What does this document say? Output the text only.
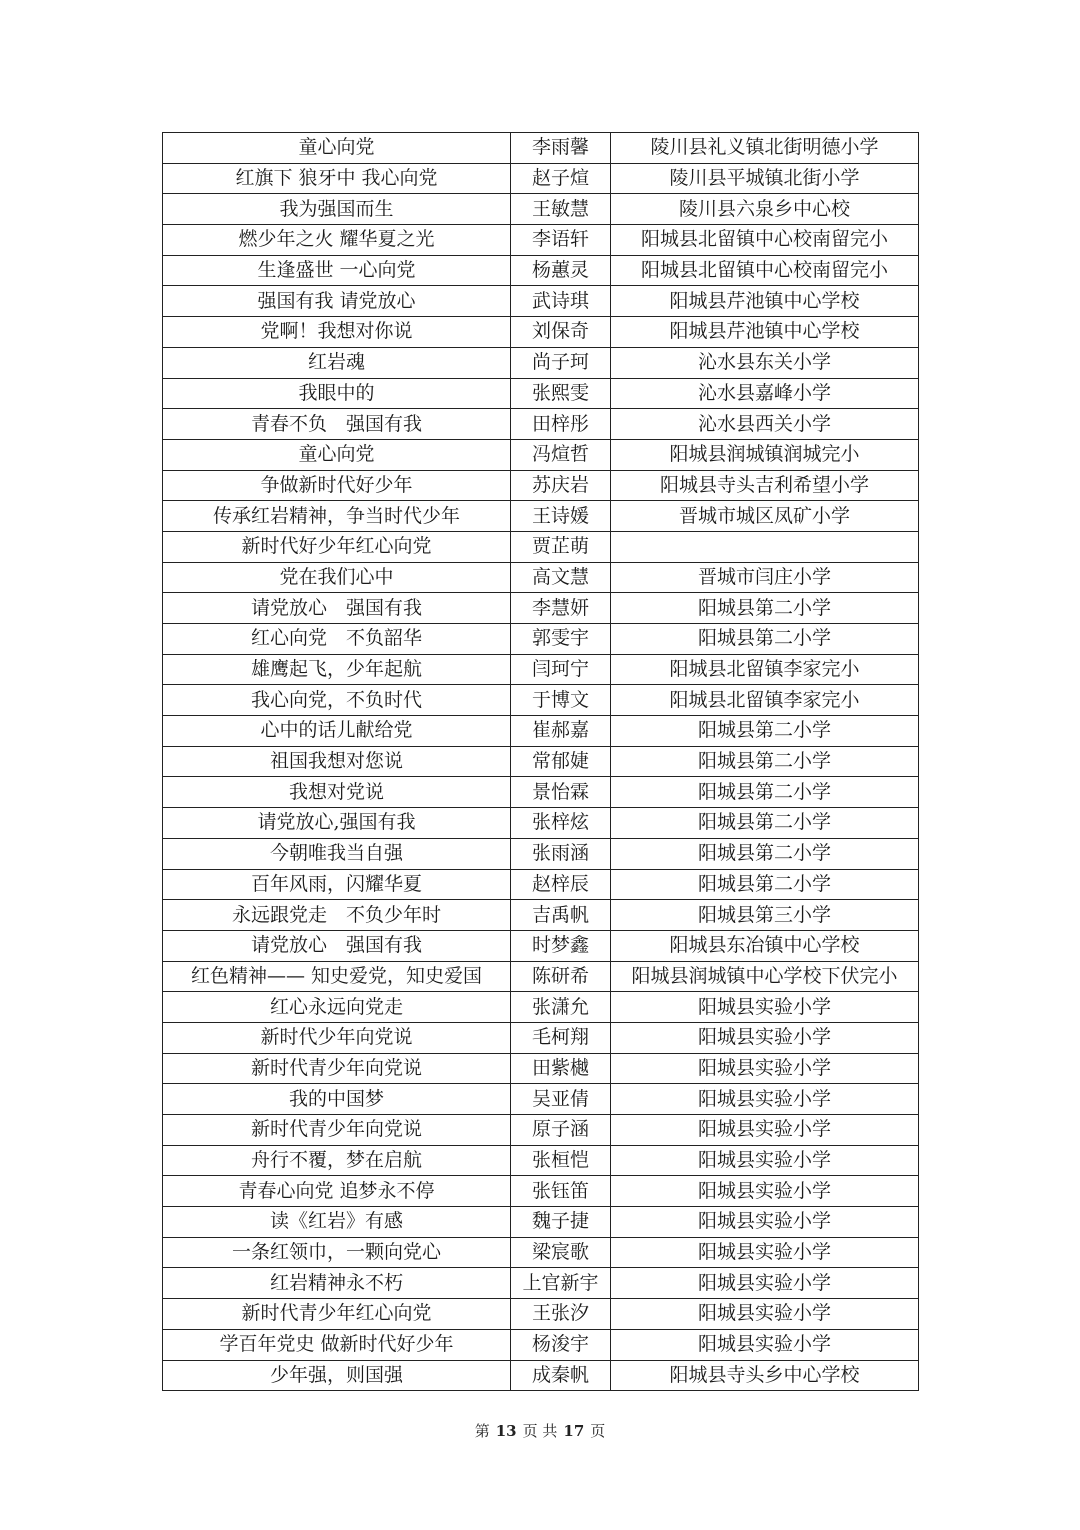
童心向党	李雨馨	陵川县礼义镇北街明德小学
红旗下 狼牙中 我心向党	赵子煊	陵川县平城镇北街小学
我为强国而生	王敏慧	陵川县六泉乡中心校
燃少年之火 耀华夏之光	李语轩	阳城县北留镇中心校南留完小
生逢盛世 一心向党	杨蕙灵	阳城县北留镇中心校南留完小
强国有我 请党放心	武诗琪	阳城县芹池镇中心学校
党啊！我想对你说	刘保奇	阳城县芹池镇中心学校
红岩魂	尚子珂	沁水县东关小学
我眼中的	张熙雯	沁水县嘉峰小学
青春不负　强国有我	田梓彤	沁水县西关小学
童心向党	冯煊哲	阳城县润城镇润城完小
争做新时代好少年	苏庆岩	阳城县寺头吉利希望小学
传承红岩精神，争当时代少年	王诗媛	晋城市城区凤矿小学
新时代好少年红心向党	贾芷萌	
党在我们心中	高文慧	晋城市闫庄小学
请党放心　强国有我	李慧妍	阳城县第二小学
红心向党　不负韶华	郭雯宇	阳城县第二小学
雄鹰起飞，少年起航	闫珂宁	阳城县北留镇李家完小
我心向党，不负时代	于博文	阳城县北留镇李家完小
心中的话儿献给党	崔郝嘉	阳城县第二小学
祖国我想对您说	常郁婕	阳城县第二小学
我想对党说	景怡霖	阳城县第二小学
请党放心,强国有我	张梓炫	阳城县第二小学
今朝唯我当自强	张雨涵	阳城县第二小学
百年风雨，闪耀华夏	赵梓辰	阳城县第二小学
永远跟党走　不负少年时	吉禹帆	阳城县第三小学
请党放心　强国有我	时梦鑫	阳城县东冶镇中心学校
红色精神—— 知史爱党，知史爱国	陈研希	阳城县润城镇中心学校下伏完小
红心永远向党走	张潇允	阳城县实验小学
新时代少年向党说	毛柯翔	阳城县实验小学
新时代青少年向党说	田紫樾	阳城县实验小学
我的中国梦	吴亚倩	阳城县实验小学
新时代青少年向党说	原子涵	阳城县实验小学
舟行不覆，梦在启航	张桓恺	阳城县实验小学
青春心向党 追梦永不停	张钰笛	阳城县实验小学
读《红岩》有感	魏子捷	阳城县实验小学
一条红领巾，一颗向党心	梁宸歌	阳城县实验小学
红岩精神永不朽	上官新宇	阳城县实验小学
新时代青少年红心向党	王张汐	阳城县实验小学
学百年党史 做新时代好少年	杨浚宇	阳城县实验小学
少年强，则国强	成秦帆	阳城县寺头乡中心学校
第 13 页 共 17 页
